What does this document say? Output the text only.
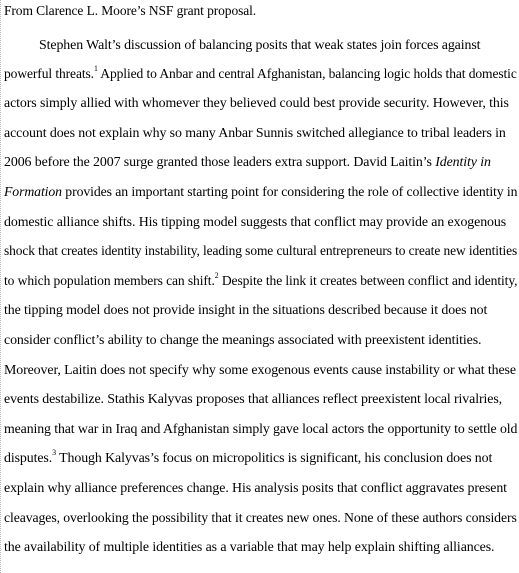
From Clarence L. Moore’s NSF grant proposal.
Stephen Walt’s discussion of balancing posits that weak states join forces against
powerful threats.$^1$ Applied to Anbar and central Afghanistan, balancing logic holds that domestic
actors simply allied with whomever they believed could best provide security. However, this
account does not explain why so many Anbar Sunnis switched allegiance to tribal leaders in
2006 before the 2007 surge granted those leaders extra support. David Laitin’s Identity in
Formation provides an important starting point for considering the role of collective identity in
domestic alliance shifts. His tipping model suggests that conflict may provide an exogenous
shock that creates identity instability, leading some cultural entrepreneurs to create new identities
to which population members can shift.$^2$ Despite the link it creates between conflict and identity,
the tipping model does not provide insight in the situations described because it does not
consider conflict’s ability to change the meanings associated with preexistent identities.
Moreover, Laitin does not specify why some exogenous events cause instability or what these
events destabilize. Stathis Kalyvas proposes that alliances reflect preexistent local rivalries,
meaning that war in Iraq and Afghanistan simply gave local actors the opportunity to settle old
disputes.$^3$ Though Kalyvas’s focus on micropolitics is significant, his conclusion does not
explain why alliance preferences change. His analysis posits that conflict aggravates present
cleavages, overlooking the possibility that it creates new ones. None of these authors considers
the availability of multiple identities as a variable that may help explain shifting alliances.
